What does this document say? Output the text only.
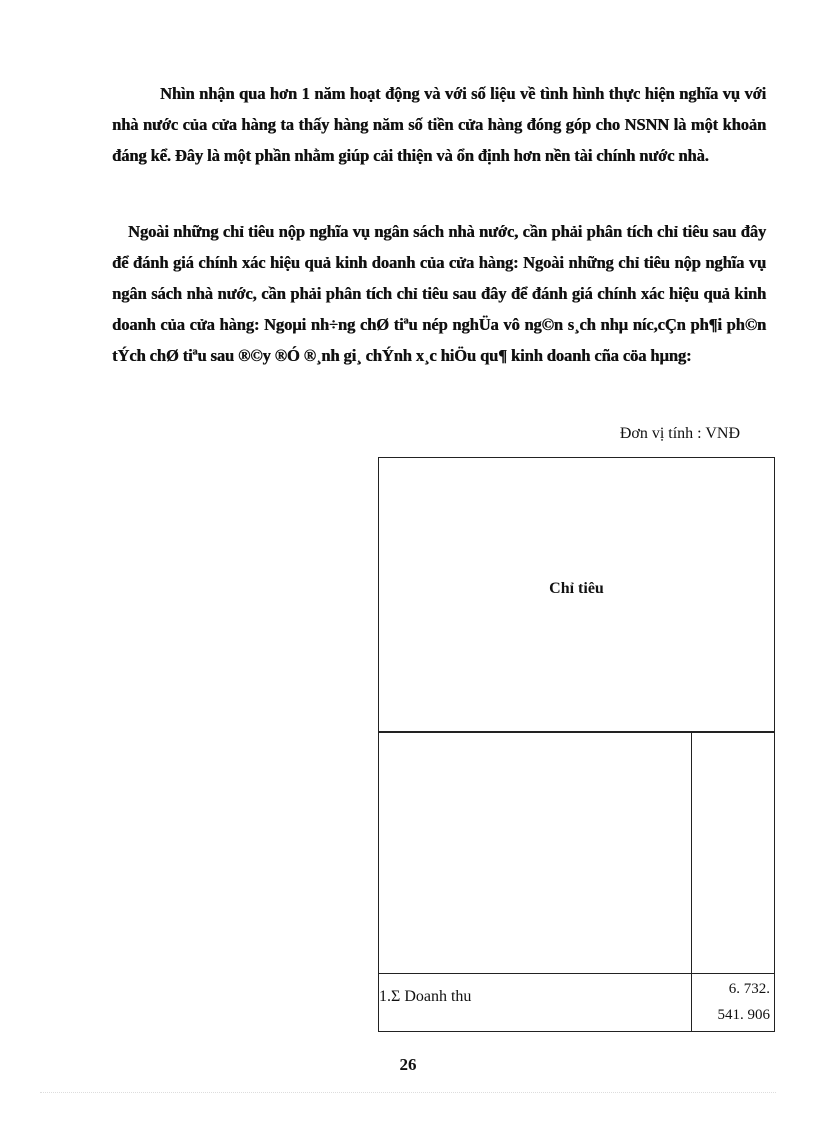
Nhìn nhận qua hơn 1 năm hoạt động và với số liệu về tình hình thực hiện nghĩa vụ với nhà nước của cửa hàng ta thấy hàng năm số tiền cửa hàng đóng góp cho NSNN là một khoản đáng kể. Đây là một phần nhằm giúp cải thiện và ổn định hơn nền tài chính nước nhà.

Ngoài những chỉ tiêu nộp nghĩa vụ ngân sách nhà nước, cần phải phân tích chỉ tiêu sau đây để đánh giá chính xác hiệu quả kinh doanh của cửa hàng: Ngoài những chỉ tiêu nộp nghĩa vụ ngân sách nhà nước, cần phải phân tích chỉ tiêu sau đây để đánh giá chính xác hiệu quả kinh doanh của cửa hàng: Ngoµi nh÷ng chØ tiªu nép nghÜa vô ng©n s¸ch nhµ níc,cÇn ph¶i ph©n tÝch chØ tiªu sau ®©y ®Ó ®¸nh gi¸ chÝnh x¸c hiÖu qu¶ kinh doanh cña cöa hµng:

Đơn vị tính : VNĐ
Chỉ tiêu
1.Σ Doanh thu	6. 732.
541. 906
26
